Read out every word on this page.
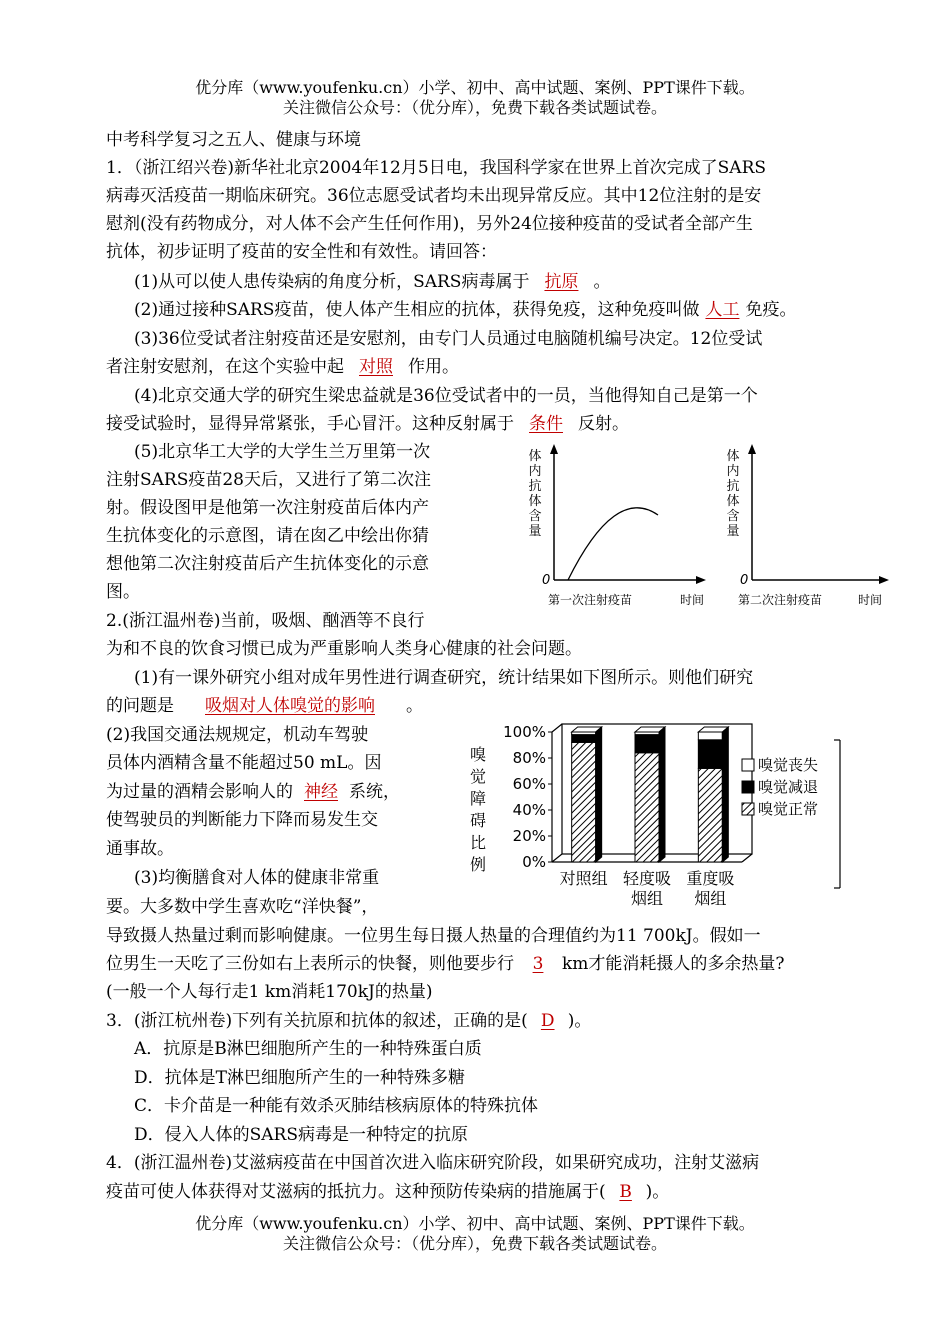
优分库（www.youfenku.cn）小学、初中、高中试题、案例、PPT课件下载。
关注微信公众号：（优分库），免费下载各类试题试卷。
中考科学复习之五人、健康与环境
1．（浙江绍兴卷)新华社北京2004年12月5日电，我国科学家在世界上首次完成了SARS
病毒灭活疫苗一期临床研究。36位志愿受试者均未出现异常反应。其中12位注射的是安
慰剂(没有药物成分，对人体不会产生任何作用)，另外24位接种疫苗的受试者全部产生
抗体，初步证明了疫苗的安全性和有效性。请回答：
(1)从可以使人患传染病的角度分析，SARS病毒属于 抗原 。
(2)通过接种SARS疫苗，使人体产生相应的抗体，获得免疫，这种免疫叫做 人工 免疫。
(3)36位受试者注射疫苗还是安慰剂，由专门人员通过电脑随机编号决定。12位受试
者注射安慰剂，在这个实验中起 对照 作用。
(4)北京交通大学的研究生梁忠益就是36位受试者中的一员，当他得知自己是第一个
接受试验时，显得异常紧张，手心冒汗。这种反射属于 条件 反射。
(5)北京华工大学的大学生兰万里第一次
注射SARS疫苗28天后，又进行了第二次注
射。假设图甲是他第一次注射疫苗后体内产
生抗体变化的示意图，请在囱乙中绘出你猜
想他第二次注射疫苗后产生抗体变化的示意
图。
体
内
抗
体
含
量
0
第一次注射疫苗	时间
体
内
抗
体
含
量
0
第二次注射疫苗	时间
2.(浙江温州卷)当前，吸烟、酗酒等不良行
为和不良的饮食习惯已成为严重影响人类身心健康的社会问题。
(1)有一课外研究小组对成年男性进行调查研究，统计结果如下图所示。则他们研究
的问题是 吸烟对人体嗅觉的影响 。
(2)我国交通法规规定，机动车驾驶
员体内酒精含量不能超过50 mL。因
为过量的酒精会影响人的 神经 系统，
使驾驶员的判断能力下降而易发生交
通事故。
(3)均衡膳食对人体的健康非常重
要。大多数中学生喜欢吃“洋快餐”，
导致摄人热量过剩而影响健康。一位男生每日摄人热量的合理值约为11 700kJ。假如一
位男生一天吃了三份如右上表所示的快餐，则他要步行 3 km才能消耗摄人的多余热量?
(一般一个人每行走1 km消耗170kJ的热量)
嗅
觉
障
碍
比
例 0%
20%
40%
60%
80%
100%
对照组 轻度吸
烟组
重度吸
烟组
嗅觉丧失
嗅觉减退
嗅觉正常
3．(浙江杭州卷)下列有关抗原和抗体的叙述，正确的是( D )。
A．抗原是B淋巴细胞所产生的一种特殊蛋白质
D．抗体是T淋巴细胞所产生的一种特殊多糖
C．卡介苗是一种能有效杀灭肺结核病原体的特殊抗体
D．侵入人体的SARS病毒是一种特定的抗原
4．(浙江温州卷)艾滋病疫苗在中国首次进入临床研究阶段，如果研究成功，注射艾滋病
疫苗可使人体获得对艾滋病的抵抗力。这种预防传染病的措施属于( B )。
优分库（www.youfenku.cn）小学、初中、高中试题、案例、PPT课件下载。
关注微信公众号：（优分库），免费下载各类试题试卷。
